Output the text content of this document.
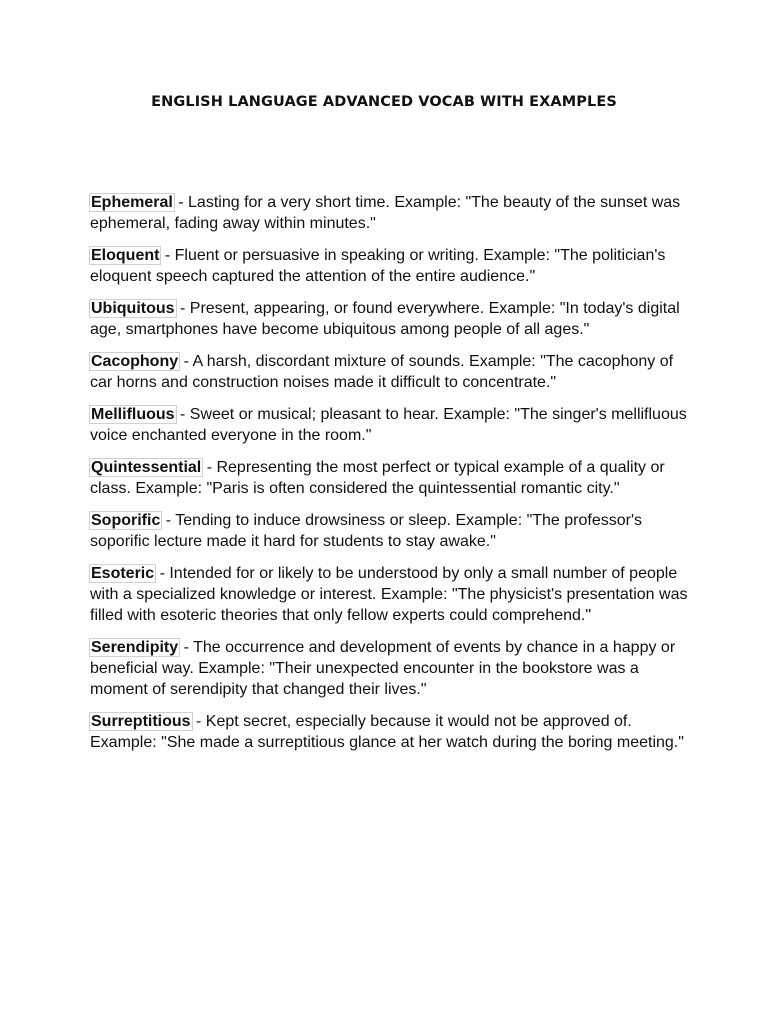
ENGLISH LANGUAGE ADVANCED VOCAB WITH EXAMPLES

Ephemeral - Lasting for a very short time. Example: "The beauty of the sunset was ephemeral, fading away within minutes."

Eloquent - Fluent or persuasive in speaking or writing. Example: "The politician's eloquent speech captured the attention of the entire audience."

Ubiquitous - Present, appearing, or found everywhere. Example: "In today's digital age, smartphones have become ubiquitous among people of all ages."

Cacophony - A harsh, discordant mixture of sounds. Example: "The cacophony of car horns and construction noises made it difficult to concentrate."

Mellifluous - Sweet or musical; pleasant to hear. Example: "The singer's mellifluous voice enchanted everyone in the room."

Quintessential - Representing the most perfect or typical example of a quality or class. Example: "Paris is often considered the quintessential romantic city."

Soporific - Tending to induce drowsiness or sleep. Example: "The professor's soporific lecture made it hard for students to stay awake."

Esoteric - Intended for or likely to be understood by only a small number of people with a specialized knowledge or interest. Example: "The physicist's presentation was filled with esoteric theories that only fellow experts could comprehend."

Serendipity - The occurrence and development of events by chance in a happy or beneficial way. Example: "Their unexpected encounter in the bookstore was a moment of serendipity that changed their lives."

Surreptitious - Kept secret, especially because it would not be approved of. Example: "She made a surreptitious glance at her watch during the boring meeting."
